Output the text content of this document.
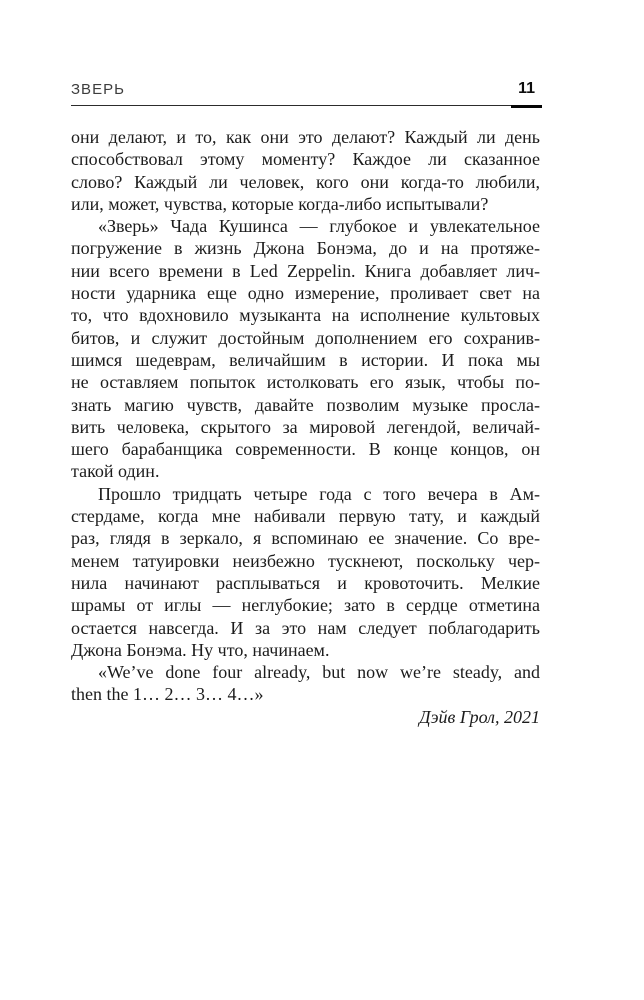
ЗВЕРЬ	11
они делают, и то, как они это делают? Каждый ли день
способствовал этому моменту? Каждое ли сказанное
слово? Каждый ли человек, кого они когда-то любили,
или, может, чувства, которые когда-либо испытывали?
«Зверь» Чада Кушинса — глубокое и увлекательное
погружение в жизнь Джона Бонэма, до и на протяже-
нии всего времени в Led Zeppelin. Книга добавляет лич-
ности ударника еще одно измерение, проливает свет на
то, что вдохновило музыканта на исполнение культовых
битов, и служит достойным дополнением его сохранив-
шимся шедеврам, величайшим в истории. И пока мы
не оставляем попыток истолковать его язык, чтобы по-
знать магию чувств, давайте позволим музыке просла-
вить человека, скрытого за мировой легендой, величай-
шего барабанщика современности. В конце концов, он
такой один.
Прошло тридцать четыре года с того вечера в Ам-
стердаме, когда мне набивали первую тату, и каждый
раз, глядя в зеркало, я вспоминаю ее значение. Со вре-
менем татуировки неизбежно тускнеют, поскольку чер-
нила начинают расплываться и кровоточить. Мелкие
шрамы от иглы — неглубокие; зато в сердце отметина
остается навсегда. И за это нам следует поблагодарить
Джона Бонэма. Ну что, начинаем.
«We’ve done four already, but now we’re steady, and
then the 1… 2… 3… 4…»
Дэйв Грол, 2021
